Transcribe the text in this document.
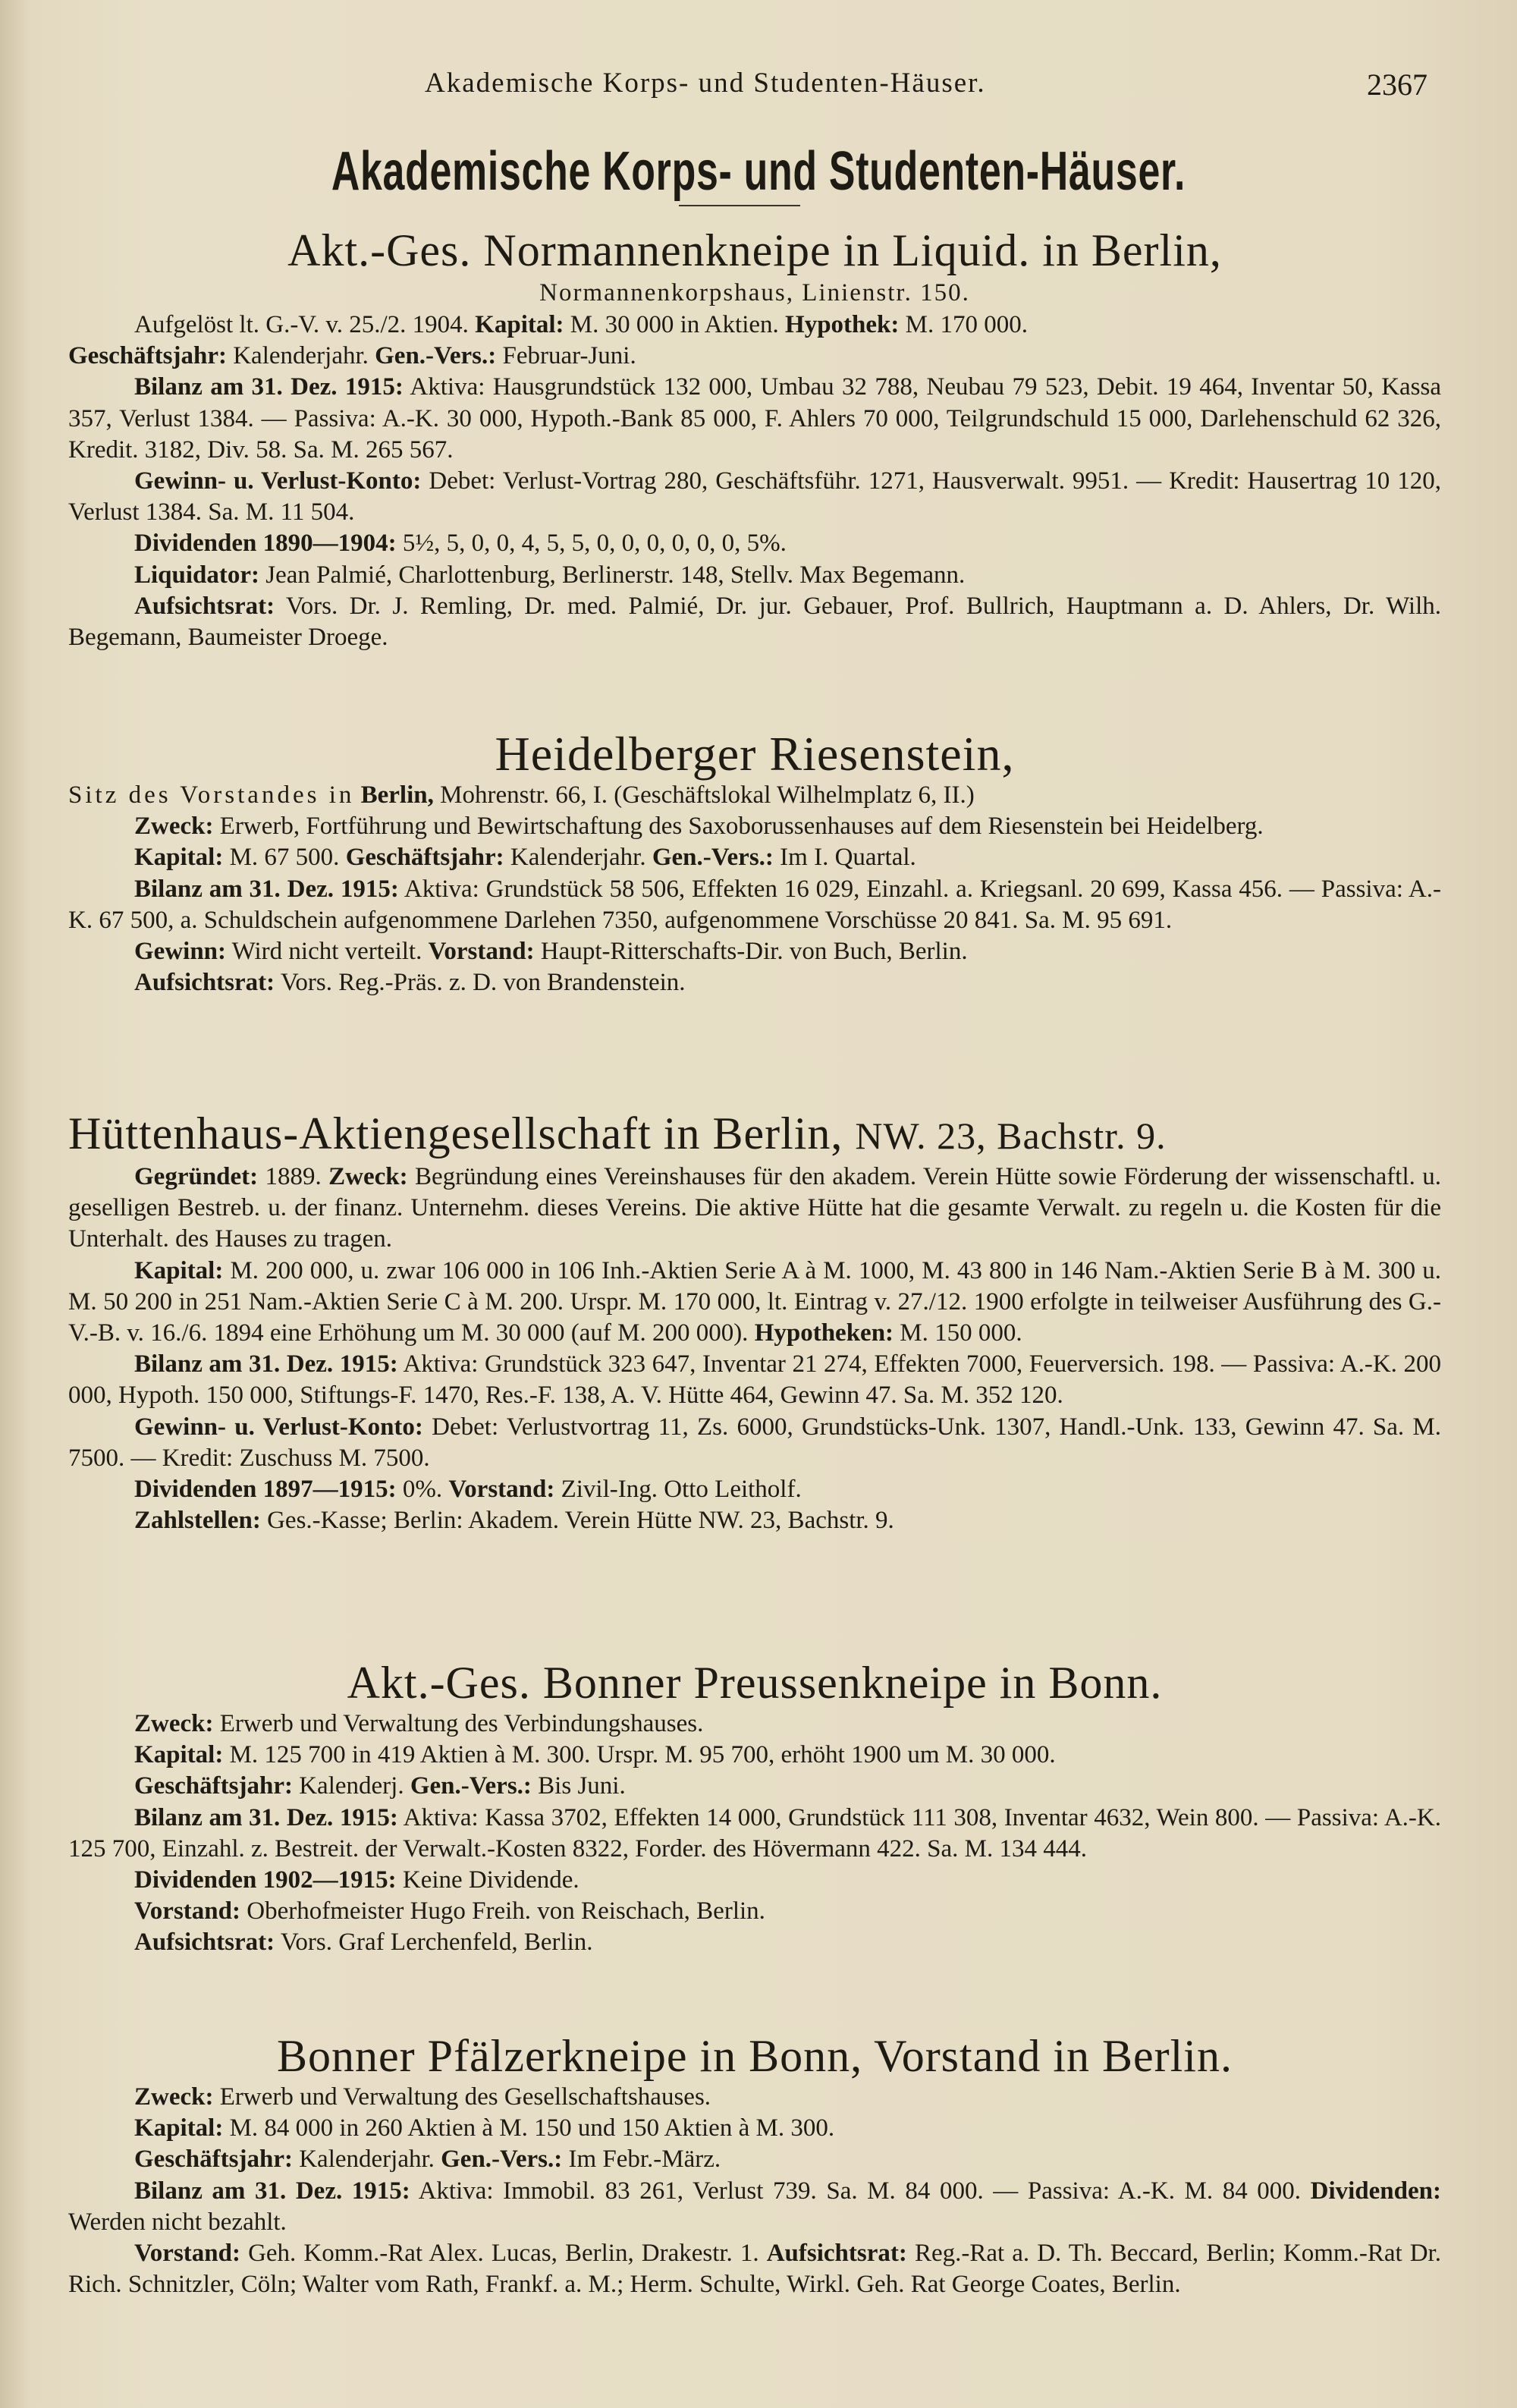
Akademische Korps- und Studenten-Häuser.	2367
Akademische Korps- und Studenten-Häuser.
Akt.-Ges. Normannenkneipe in Liquid. in Berlin,
Normannenkorpshaus, Linienstr. 150.

Aufgelöst lt. G.-V. v. 25./2. 1904. Kapital: M. 30 000 in Aktien. Hypothek: M. 170 000.

Geschäftsjahr: Kalenderjahr. Gen.-Vers.: Februar-Juni.

Bilanz am 31. Dez. 1915: Aktiva: Hausgrundstück 132 000, Umbau 32 788, Neubau 79 523, Debit. 19 464, Inventar 50, Kassa 357, Verlust 1384. — Passiva: A.-K. 30 000, Hypoth.-Bank 85 000, F. Ahlers 70 000, Teilgrundschuld 15 000, Darlehenschuld 62 326, Kredit. 3182, Div. 58. Sa. M. 265 567.

Gewinn- u. Verlust-Konto: Debet: Verlust-Vortrag 280, Geschäftsführ. 1271, Hausverwalt. 9951. — Kredit: Hausertrag 10 120, Verlust 1384. Sa. M. 11 504.

Dividenden 1890—1904: 5½, 5, 0, 0, 4, 5, 5, 0, 0, 0, 0, 0, 0, 5%.

Liquidator: Jean Palmié, Charlottenburg, Berlinerstr. 148, Stellv. Max Begemann.

Aufsichtsrat: Vors. Dr. J. Remling, Dr. med. Palmié, Dr. jur. Gebauer, Prof. Bullrich, Hauptmann a. D. Ahlers, Dr. Wilh. Begemann, Baumeister Droege.

Heidelberger Riesenstein,

Sitz des Vorstandes in Berlin, Mohrenstr. 66, I. (Geschäftslokal Wilhelmplatz 6, II.)

Zweck: Erwerb, Fortführung und Bewirtschaftung des Saxoborussenhauses auf dem Riesenstein bei Heidelberg.

Kapital: M. 67 500. Geschäftsjahr: Kalenderjahr. Gen.-Vers.: Im I. Quartal.

Bilanz am 31. Dez. 1915: Aktiva: Grundstück 58 506, Effekten 16 029, Einzahl. a. Kriegsanl. 20 699, Kassa 456. — Passiva: A.-K. 67 500, a. Schuldschein aufgenommene Darlehen 7350, aufgenommene Vorschüsse 20 841. Sa. M. 95 691.

Gewinn: Wird nicht verteilt. Vorstand: Haupt-Ritterschafts-Dir. von Buch, Berlin.

Aufsichtsrat: Vors. Reg.-Präs. z. D. von Brandenstein.

Hüttenhaus-Aktiengesellschaft in Berlin, NW. 23, Bachstr. 9.

Gegründet: 1889. Zweck: Begründung eines Vereinshauses für den akadem. Verein Hütte sowie Förderung der wissenschaftl. u. geselligen Bestreb. u. der finanz. Unternehm. dieses Vereins. Die aktive Hütte hat die gesamte Verwalt. zu regeln u. die Kosten für die Unterhalt. des Hauses zu tragen.

Kapital: M. 200 000, u. zwar 106 000 in 106 Inh.-Aktien Serie A à M. 1000, M. 43 800 in 146 Nam.-Aktien Serie B à M. 300 u. M. 50 200 in 251 Nam.-Aktien Serie C à M. 200. Urspr. M. 170 000, lt. Eintrag v. 27./12. 1900 erfolgte in teilweiser Ausführung des G.-V.-B. v. 16./6. 1894 eine Erhöhung um M. 30 000 (auf M. 200 000). Hypotheken: M. 150 000.

Bilanz am 31. Dez. 1915: Aktiva: Grundstück 323 647, Inventar 21 274, Effekten 7000, Feuerversich. 198. — Passiva: A.-K. 200 000, Hypoth. 150 000, Stiftungs-F. 1470, Res.-F. 138, A. V. Hütte 464, Gewinn 47. Sa. M. 352 120.

Gewinn- u. Verlust-Konto: Debet: Verlustvortrag 11, Zs. 6000, Grundstücks-Unk. 1307, Handl.-Unk. 133, Gewinn 47. Sa. M. 7500. — Kredit: Zuschuss M. 7500.

Dividenden 1897—1915: 0%. Vorstand: Zivil-Ing. Otto Leitholf.

Zahlstellen: Ges.-Kasse; Berlin: Akadem. Verein Hütte NW. 23, Bachstr. 9.

Akt.-Ges. Bonner Preussenkneipe in Bonn.

Zweck: Erwerb und Verwaltung des Verbindungshauses.

Kapital: M. 125 700 in 419 Aktien à M. 300. Urspr. M. 95 700, erhöht 1900 um M. 30 000.

Geschäftsjahr: Kalenderj. Gen.-Vers.: Bis Juni.

Bilanz am 31. Dez. 1915: Aktiva: Kassa 3702, Effekten 14 000, Grundstück 111 308, Inventar 4632, Wein 800. — Passiva: A.-K. 125 700, Einzahl. z. Bestreit. der Verwalt.-Kosten 8322, Forder. des Hövermann 422. Sa. M. 134 444.

Dividenden 1902—1915: Keine Dividende.

Vorstand: Oberhofmeister Hugo Freih. von Reischach, Berlin.

Aufsichtsrat: Vors. Graf Lerchenfeld, Berlin.

Bonner Pfälzerkneipe in Bonn, Vorstand in Berlin.

Zweck: Erwerb und Verwaltung des Gesellschaftshauses.

Kapital: M. 84 000 in 260 Aktien à M. 150 und 150 Aktien à M. 300.

Geschäftsjahr: Kalenderjahr. Gen.-Vers.: Im Febr.-März.

Bilanz am 31. Dez. 1915: Aktiva: Immobil. 83 261, Verlust 739. Sa. M. 84 000. — Passiva: A.-K. M. 84 000. Dividenden: Werden nicht bezahlt.

Vorstand: Geh. Komm.-Rat Alex. Lucas, Berlin, Drakestr. 1. Aufsichtsrat: Reg.-Rat a. D. Th. Beccard, Berlin; Komm.-Rat Dr. Rich. Schnitzler, Cöln; Walter vom Rath, Frankf. a. M.; Herm. Schulte, Wirkl. Geh. Rat George Coates, Berlin.
